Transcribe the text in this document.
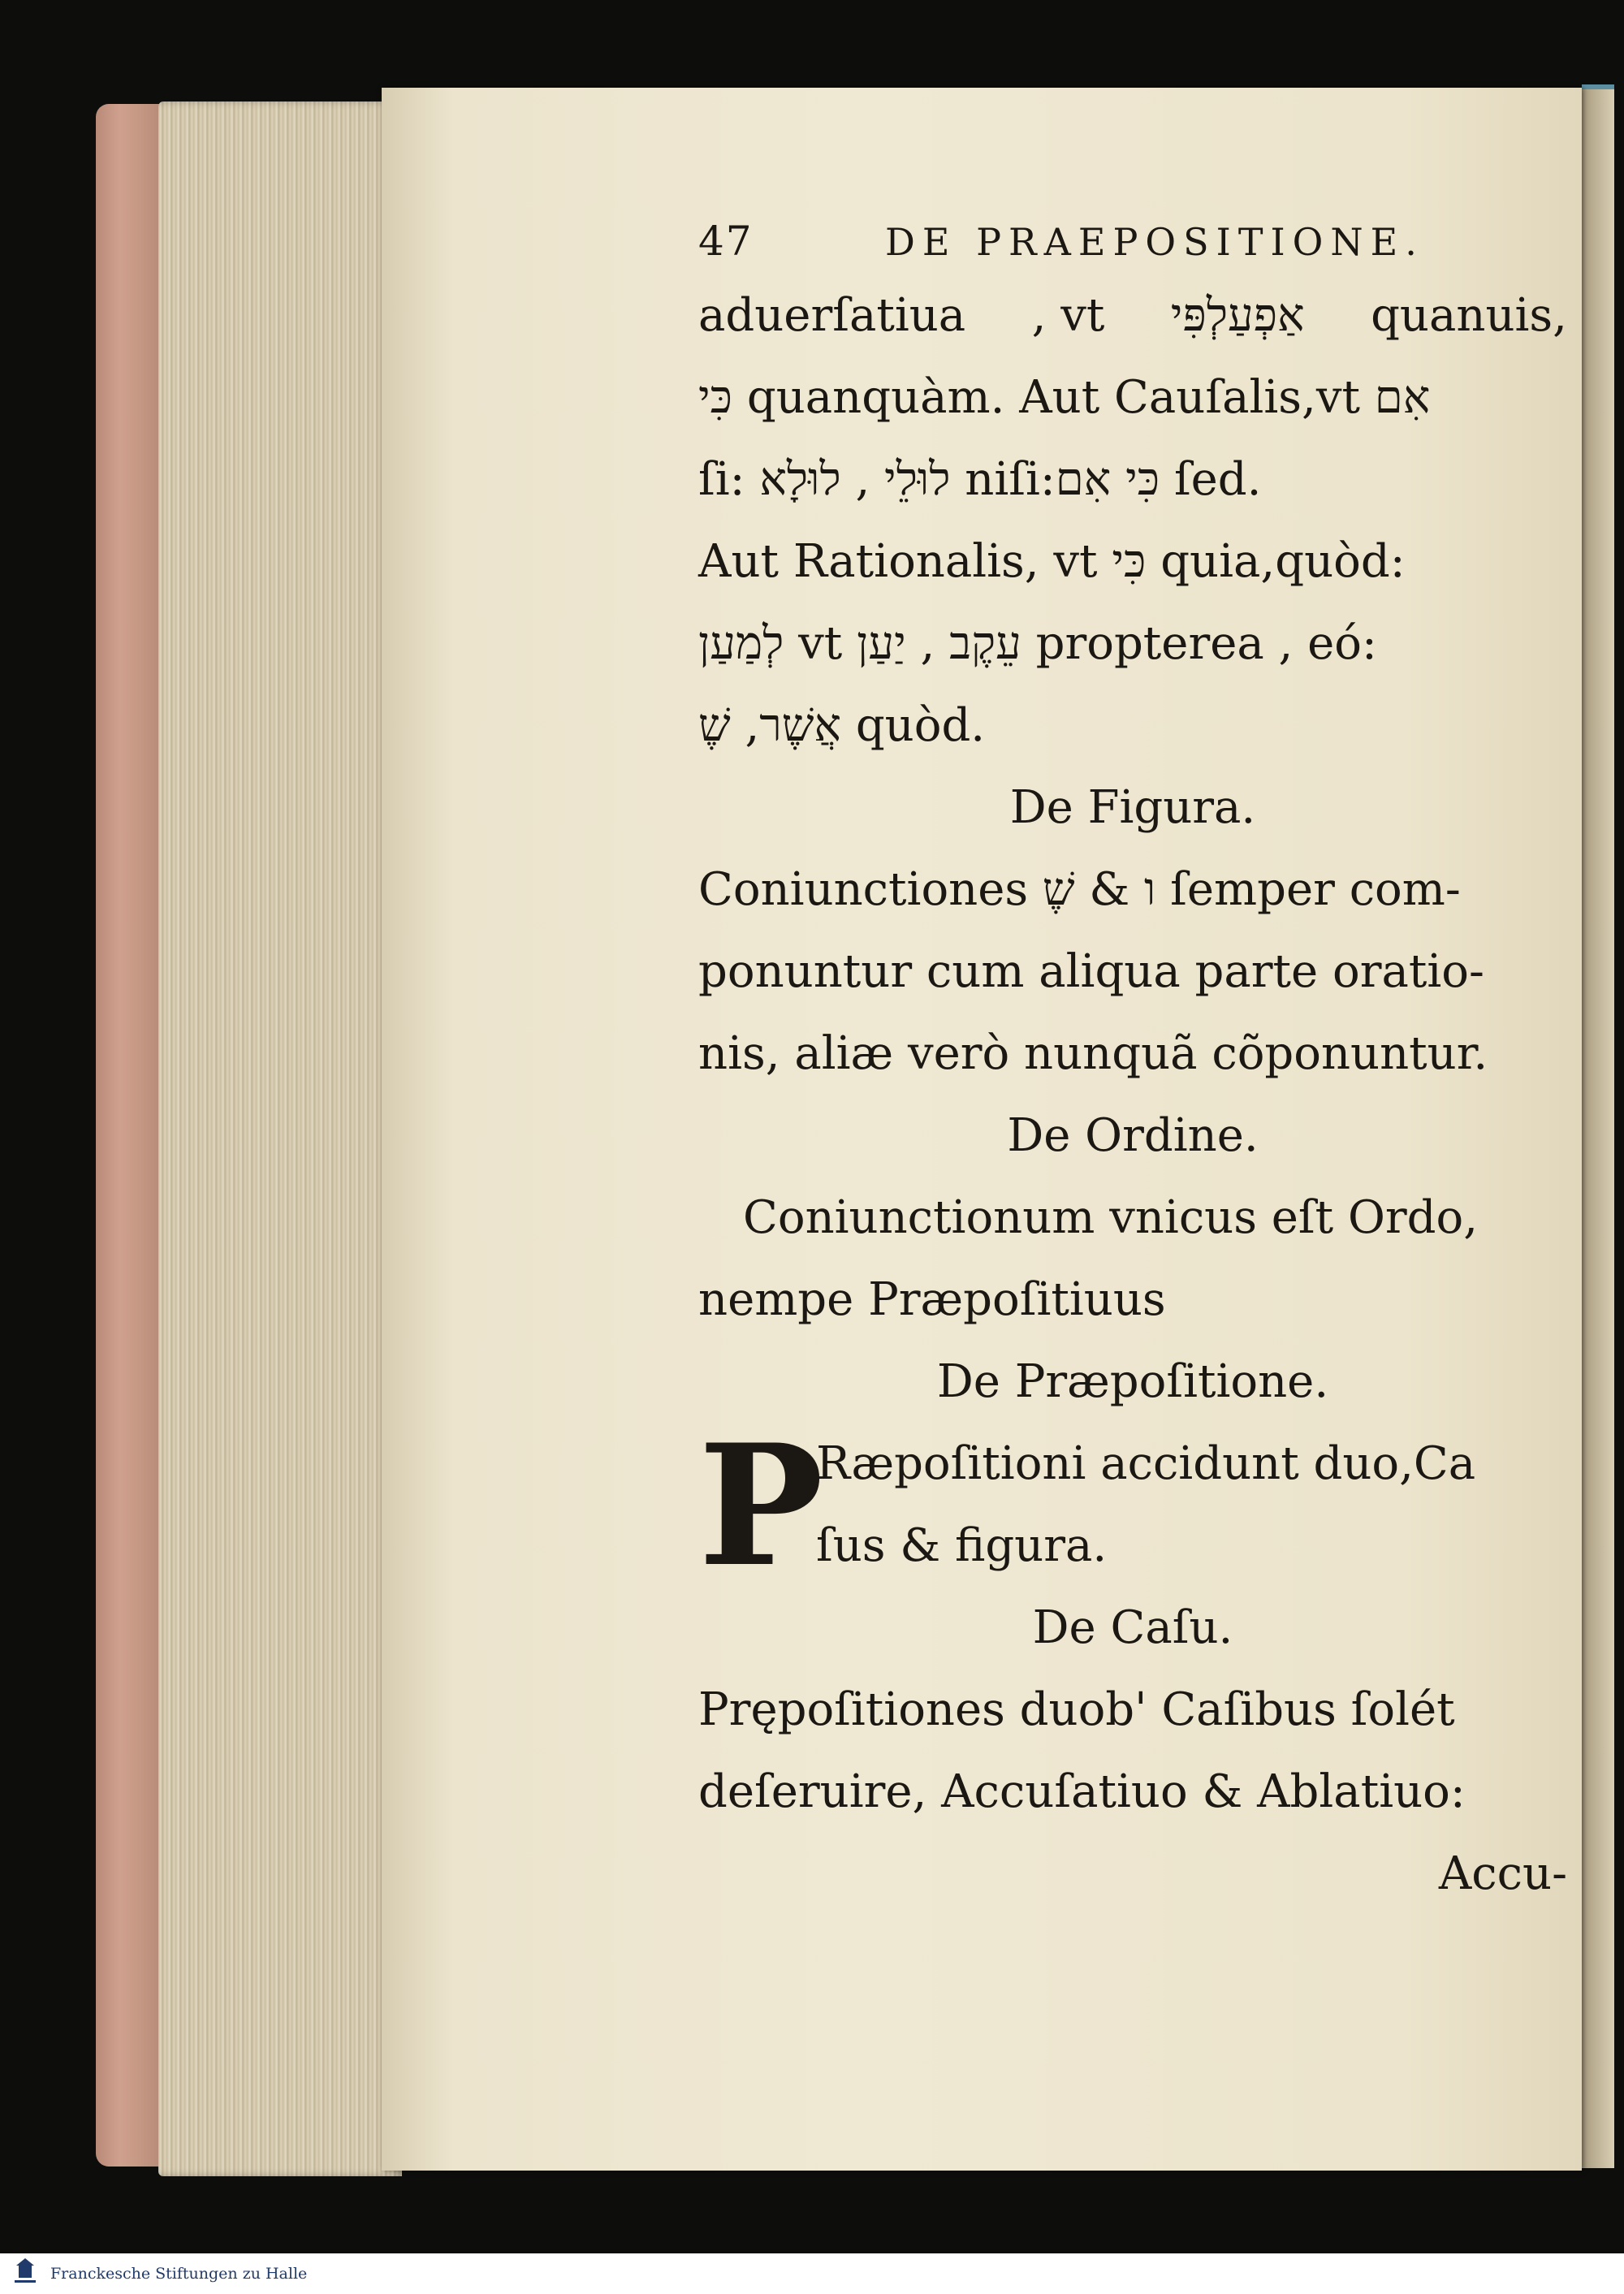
47	DE PRAEPOSITIONE.
aduerſatiua , vt אַפְעַלְפִּי quanuis,
כִּי quanquàm. Aut Cauſalis,vt אִם
ſi: לוּלֵי , לוּלָא niſi:כִּי אִם ſed.
Aut Rationalis, vt כִּי quia,quòd:
לְמַעַן vt עֵקֶב , יַעַן propterea , eó:
אֲשֶׁר, שֶׁ quòd.
De Figura.
Coniunctiones ו & שֶׁ ſemper com-
ponuntur cum aliqua parte oratio-
nis, aliæ verò nunquã cõponuntur.
De Ordine.
Coniunctionum vnicus eſt Ordo,
nempe Præpoſitiuus
De Præpoſitione.
P
Ræpoſitioni accidunt duo,Ca
ſus & figura.
De Caſu.
Prępoſitiones duob' Caſibus ſolét
deſeruire, Accuſatiuo & Ablatiuo:
Accu-
Franckesche Stiftungen zu Halle
